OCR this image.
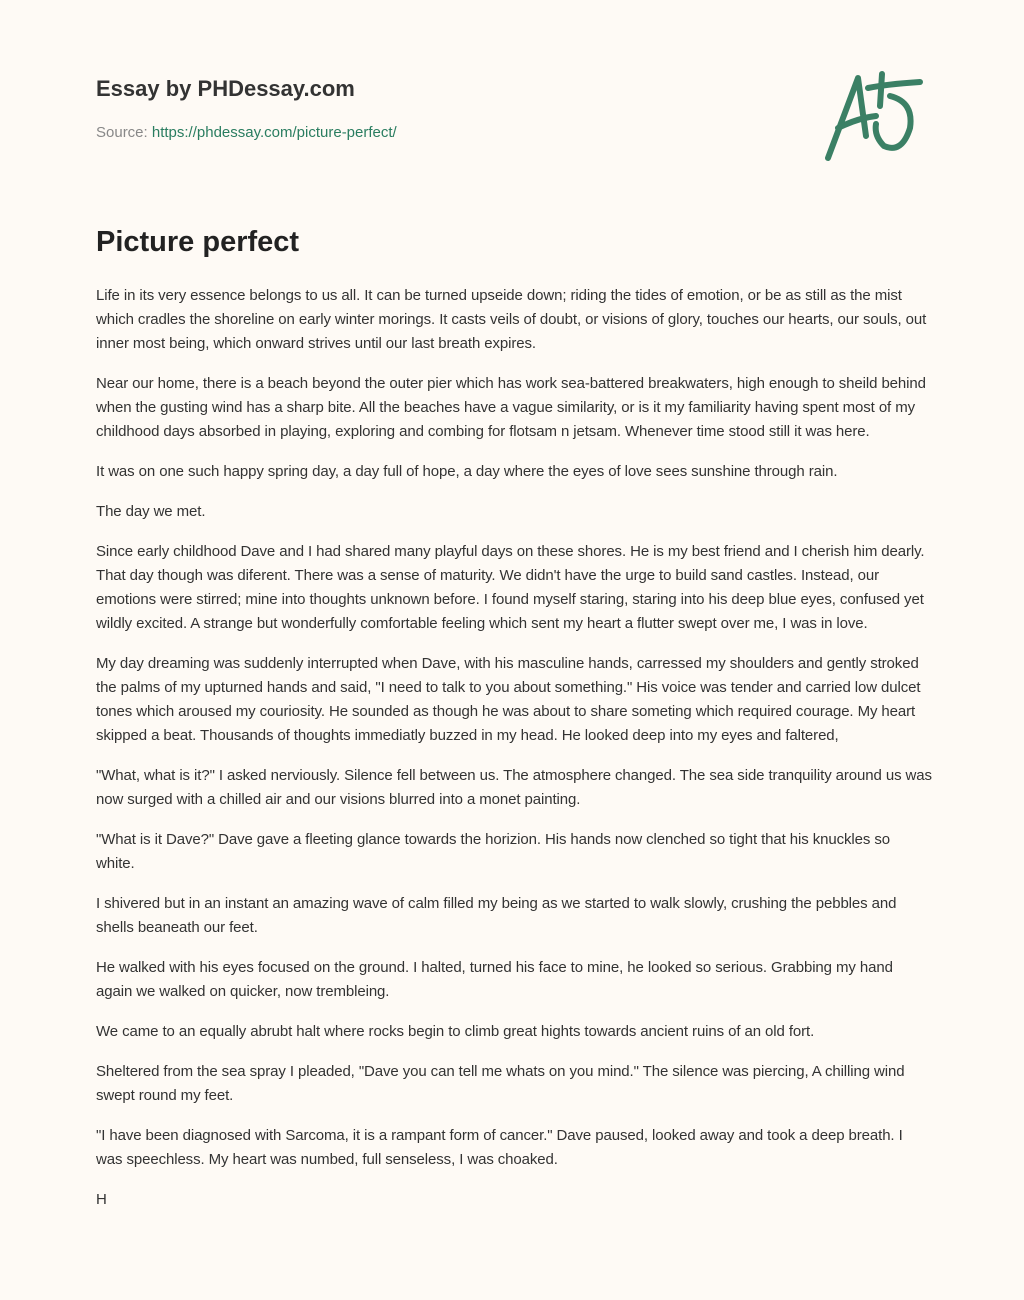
Essay by PHDessay.com
Source: https://phdessay.com/picture-perfect/
Picture perfect

Life in its very essence belongs to us all. It can be turned upseide down; riding the tides of emotion, or be as still as the mist which cradles the shoreline on early winter morings. It casts veils of doubt, or visions of glory, touches our hearts, our souls, out inner most being, which onward strives until our last breath expires.

Near our home, there is a beach beyond the outer pier which has work sea-battered breakwaters, high enough to sheild behind when the gusting wind has a sharp bite. All the beaches have a vague similarity, or is it my familiarity having spent most of my childhood days absorbed in playing, exploring and combing for flotsam n jetsam. Whenever time stood still it was here.

It was on one such happy spring day, a day full of hope, a day where the eyes of love sees sunshine through rain.

The day we met.

Since early childhood Dave and I had shared many playful days on these shores. He is my best friend and I cherish him dearly. That day though was diferent. There was a sense of maturity. We didn't have the urge to build sand castles. Instead, our emotions were stirred; mine into thoughts unknown before. I found myself staring, staring into his deep blue eyes, confused yet wildly excited. A strange but wonderfully comfortable feeling which sent my heart a flutter swept over me, I was in love.

My day dreaming was suddenly interrupted when Dave, with his masculine hands, carressed my shoulders and gently stroked the palms of my upturned hands and said, "I need to talk to you about something." His voice was tender and carried low dulcet tones which aroused my couriosity. He sounded as though he was about to share someting which required courage. My heart skipped a beat. Thousands of thoughts immediatly buzzed in my head. He looked deep into my eyes and faltered,

"What, what is it?" I asked nerviously. Silence fell between us. The atmosphere changed. The sea side tranquility around us was now surged with a chilled air and our visions blurred into a monet painting.

"What is it Dave?" Dave gave a fleeting glance towards the horizion. His hands now clenched so tight that his knuckles so white.

I shivered but in an instant an amazing wave of calm filled my being as we started to walk slowly, crushing the pebbles and shells beaneath our feet.

He walked with his eyes focused on the ground. I halted, turned his face to mine, he looked so serious. Grabbing my hand again we walked on quicker, now trembleing.

We came to an equally abrubt halt where rocks begin to climb great hights towards ancient ruins of an old fort.

Sheltered from the sea spray I pleaded, "Dave you can tell me whats on you mind." The silence was piercing, A chilling wind swept round my feet.

"I have been diagnosed with Sarcoma, it is a rampant form of cancer." Dave paused, looked away and took a deep breath. I was speechless. My heart was numbed, full senseless, I was choaked.

H
